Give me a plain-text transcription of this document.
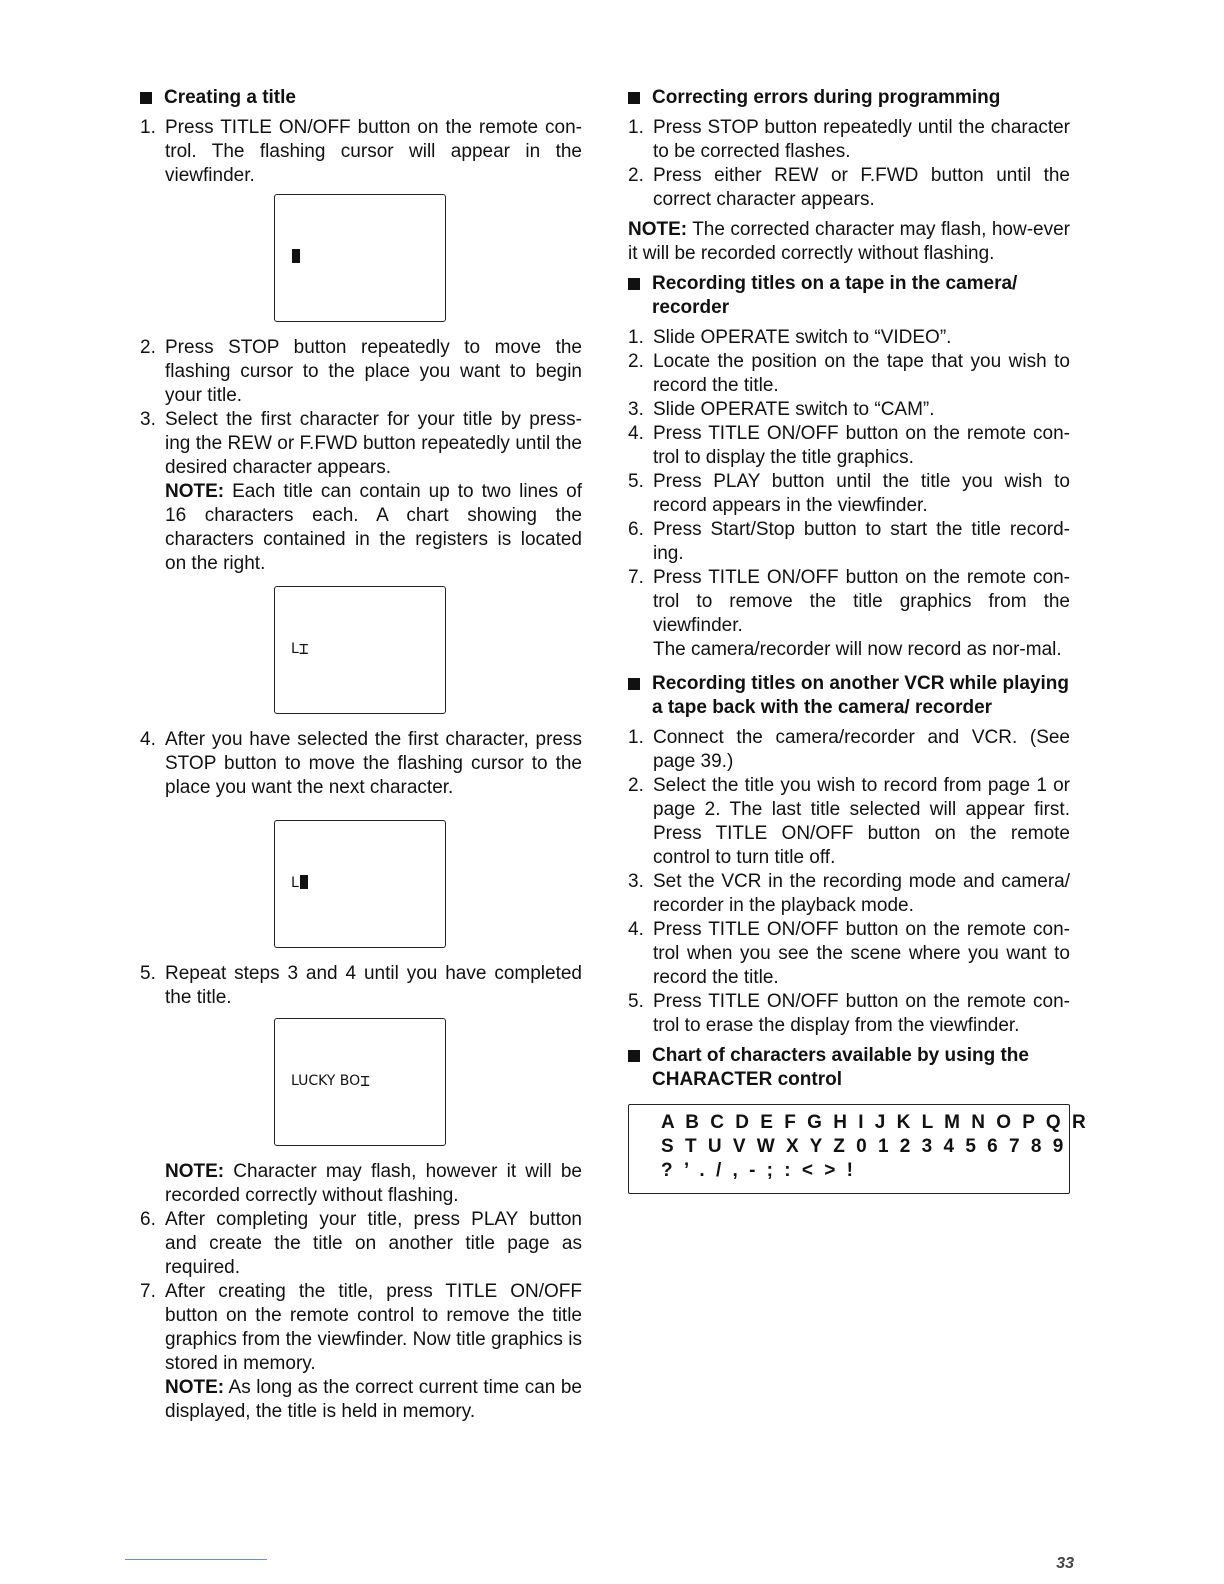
Creating a title
1. Press TITLE ON/OFF button on the remote con-trol. The flashing cursor will appear in the viewfinder.
2. Press STOP button repeatedly to move the flashing cursor to the place you want to begin your title.
3. Select the first character for your title by press-ing the REW or F.FWD button repeatedly until the desired character appears.
NOTE: Each title can contain up to two lines of 16 characters each. A chart showing the characters contained in the registers is located on the right.
L⌶
4. After you have selected the first character, press STOP button to move the flashing cursor to the place you want the next character.
L
5. Repeat steps 3 and 4 until you have completed the title.
LUCKY BO⌶
NOTE: Character may flash, however it will be recorded correctly without flashing.
6. After completing your title, press PLAY button and create the title on another title page as required.
7. After creating the title, press TITLE ON/OFF button on the remote control to remove the title graphics from the viewfinder. Now title graphics is stored in memory.
NOTE: As long as the correct current time can be displayed, the title is held in memory.
Correcting errors during programming
1. Press STOP button repeatedly until the character to be corrected flashes.
2. Press either REW or F.FWD button until the correct character appears.
NOTE: The corrected character may flash, how-ever it will be recorded correctly without flashing.
Recording titles on a tape in the camera/ recorder
1. Slide OPERATE switch to “VIDEO”.
2. Locate the position on the tape that you wish to record the title.
3. Slide OPERATE switch to “CAM”.
4. Press TITLE ON/OFF button on the remote con-trol to display the title graphics.
5. Press PLAY button until the title you wish to record appears in the viewfinder.
6. Press Start/Stop button to start the title record-ing.
7. Press TITLE ON/OFF button on the remote con-trol to remove the title graphics from the viewfinder.
The camera/recorder will now record as nor-mal.
Recording titles on another VCR while playing a tape back with the camera/ recorder
1. Connect the camera/recorder and VCR. (See page 39.)
2. Select the title you wish to record from page 1 or page 2. The last title selected will appear first. Press TITLE ON/OFF button on the remote control to turn title off.
3. Set the VCR in the recording mode and camera/ recorder in the playback mode.
4. Press TITLE ON/OFF button on the remote con-trol when you see the scene where you want to record the title.
5. Press TITLE ON/OFF button on the remote con-trol to erase the display from the viewfinder.
Chart of characters available by using the CHARACTER control
A B C D E F G H I J K L M N O P Q R
S T U V W X Y Z 0 1 2 3 4 5 6 7 8 9
? ’ . / , - ; : < > !
33
